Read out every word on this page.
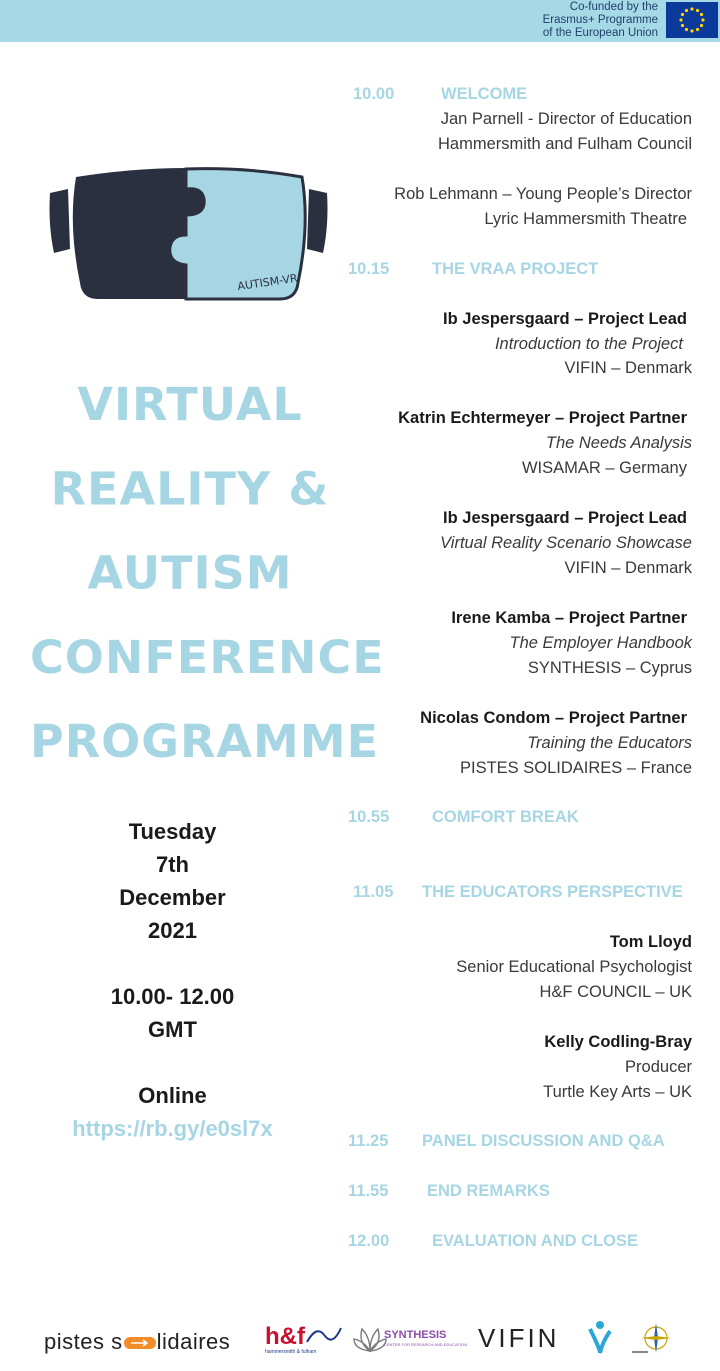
Co-funded by the
Erasmus+ Programme
of the European Union
AUTISM-VR
VIRTUAL
REALITY &
AUTISM
CONFERENCE
PROGRAMME
Tuesday
7th
December
2021
10.00- 12.00
GMT
Online
https://rb.gy/e0sl7x
10.00	WELCOME
Jan Parnell - Director of Education
Hammersmith and Fulham Council
Rob Lehmann – Young People’s Director
Lyric Hammersmith Theatre
10.15	THE VRAA PROJECT
Ib Jespersgaard – Project Lead
Introduction to the Project
VIFIN – Denmark
Katrin Echtermeyer – Project Partner
The Needs Analysis
WISAMAR – Germany
Ib Jespersgaard – Project Lead
Virtual Reality Scenario Showcase
VIFIN – Denmark
Irene Kamba – Project Partner
The Employer Handbook
SYNTHESIS – Cyprus
Nicolas Condom – Project Partner
Training the Educators
PISTES SOLIDAIRES – France
10.55	COMFORT BREAK
11.05 THE EDUCATORS PERSPECTIVE
Tom Lloyd
Senior Educational Psychologist
H&F COUNCIL – UK
Kelly Codling-Bray
Producer
Turtle Key Arts – UK
11.25 PANEL DISCUSSION AND Q&A
11.55 END REMARKS
12.00	EVALUATION AND CLOSE
pistes s lidaires h&f
hammersmith & fulham
SYNTHESIS
CENTER FOR RESEARCH AND EDUCATION VIFIN
